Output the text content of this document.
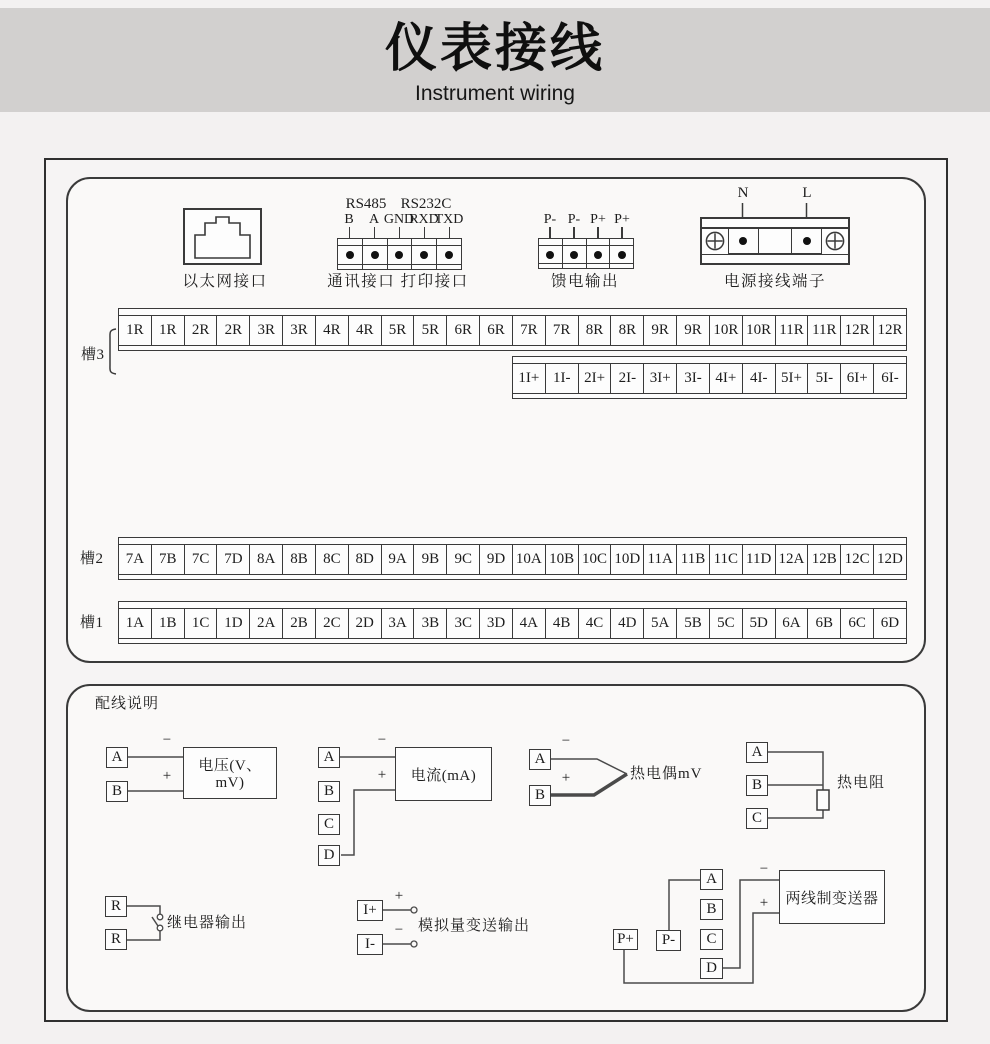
仪表接线
Instrument wiring
以太网接口
RS485 RS232C
B A GND
RXD
TXD
通讯接口 打印接口
P- P- P+ P+
馈电输出
N	L
电源接线端子
槽3
1R	1R	2R	2R	3R	3R	4R	4R	5R	5R	6R	6R	7R	7R	8R	8R	9R	9R 10R 10R 11R 11R 12R 12R
1I+ 1I- 2I+ 2I- 3I+ 3I- 4I+ 4I- 5I+ 5I- 6I+ 6I-
槽2	7A 7B	7C 7D 8A 8B	8C 8D 9A 9B	9C 9D 10A 10B 10C 10D 11A 11B 11C 11D 12A 12B 12C 12D
槽1	1A 1B	1C 1D 2A 2B	2C 2D 3A 3B	3C 3D 4A 4B	4C 4D 5A 5B	5C 5D 6A 6B	6C 6D
配线说明
A
B
−
+
电压(V、mV)
A
B
C
D
−
+	电流(mA)
A
B
−
+	热电偶mV
A
B
C
热电阻
R
R
继电器输出
I+
I-
+
− 模拟量变送输出
P+	P-
A
B
C
D
−
+	两线制变送器
